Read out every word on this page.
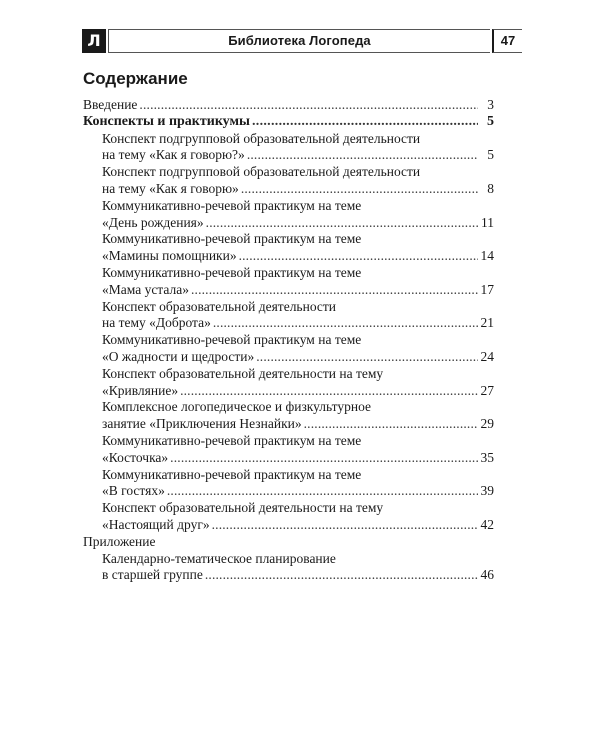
Л	Библиотека Логопеда	47
Содержание
Введение . . .	3
Конспекты и практикумы . . .	5
Конспект подгрупповой образовательной деятельности
на тему «Как я говорю?» . . .	5
Конспект подгрупповой образовательной деятельности
на тему «Как я говорю» . . .	8
Коммуникативно-речевой практикум на теме
«День рождения» . . .	11
Коммуникативно-речевой практикум на теме
«Мамины помощники» . . .	14
Коммуникативно-речевой практикум на теме
«Мама устала» . . .	17
Конспект образовательной деятельности
на тему «Доброта» . . .	21
Коммуникативно-речевой практикум на теме
«О жадности и щедрости» . . .	24
Конспект образовательной деятельности на тему
«Кривляние» . . .	27
Комплексное логопедическое и физкультурное
занятие «Приключения Незнайки» . . .	29
Коммуникативно-речевой практикум на теме
«Косточка» . . .	35
Коммуникативно-речевой практикум на теме
«В гостях» . . .	39
Конспект образовательной деятельности на тему
«Настоящий друг» . . .	42
Приложение
Календарно-тематическое планирование
в старшей группе . . .	46
